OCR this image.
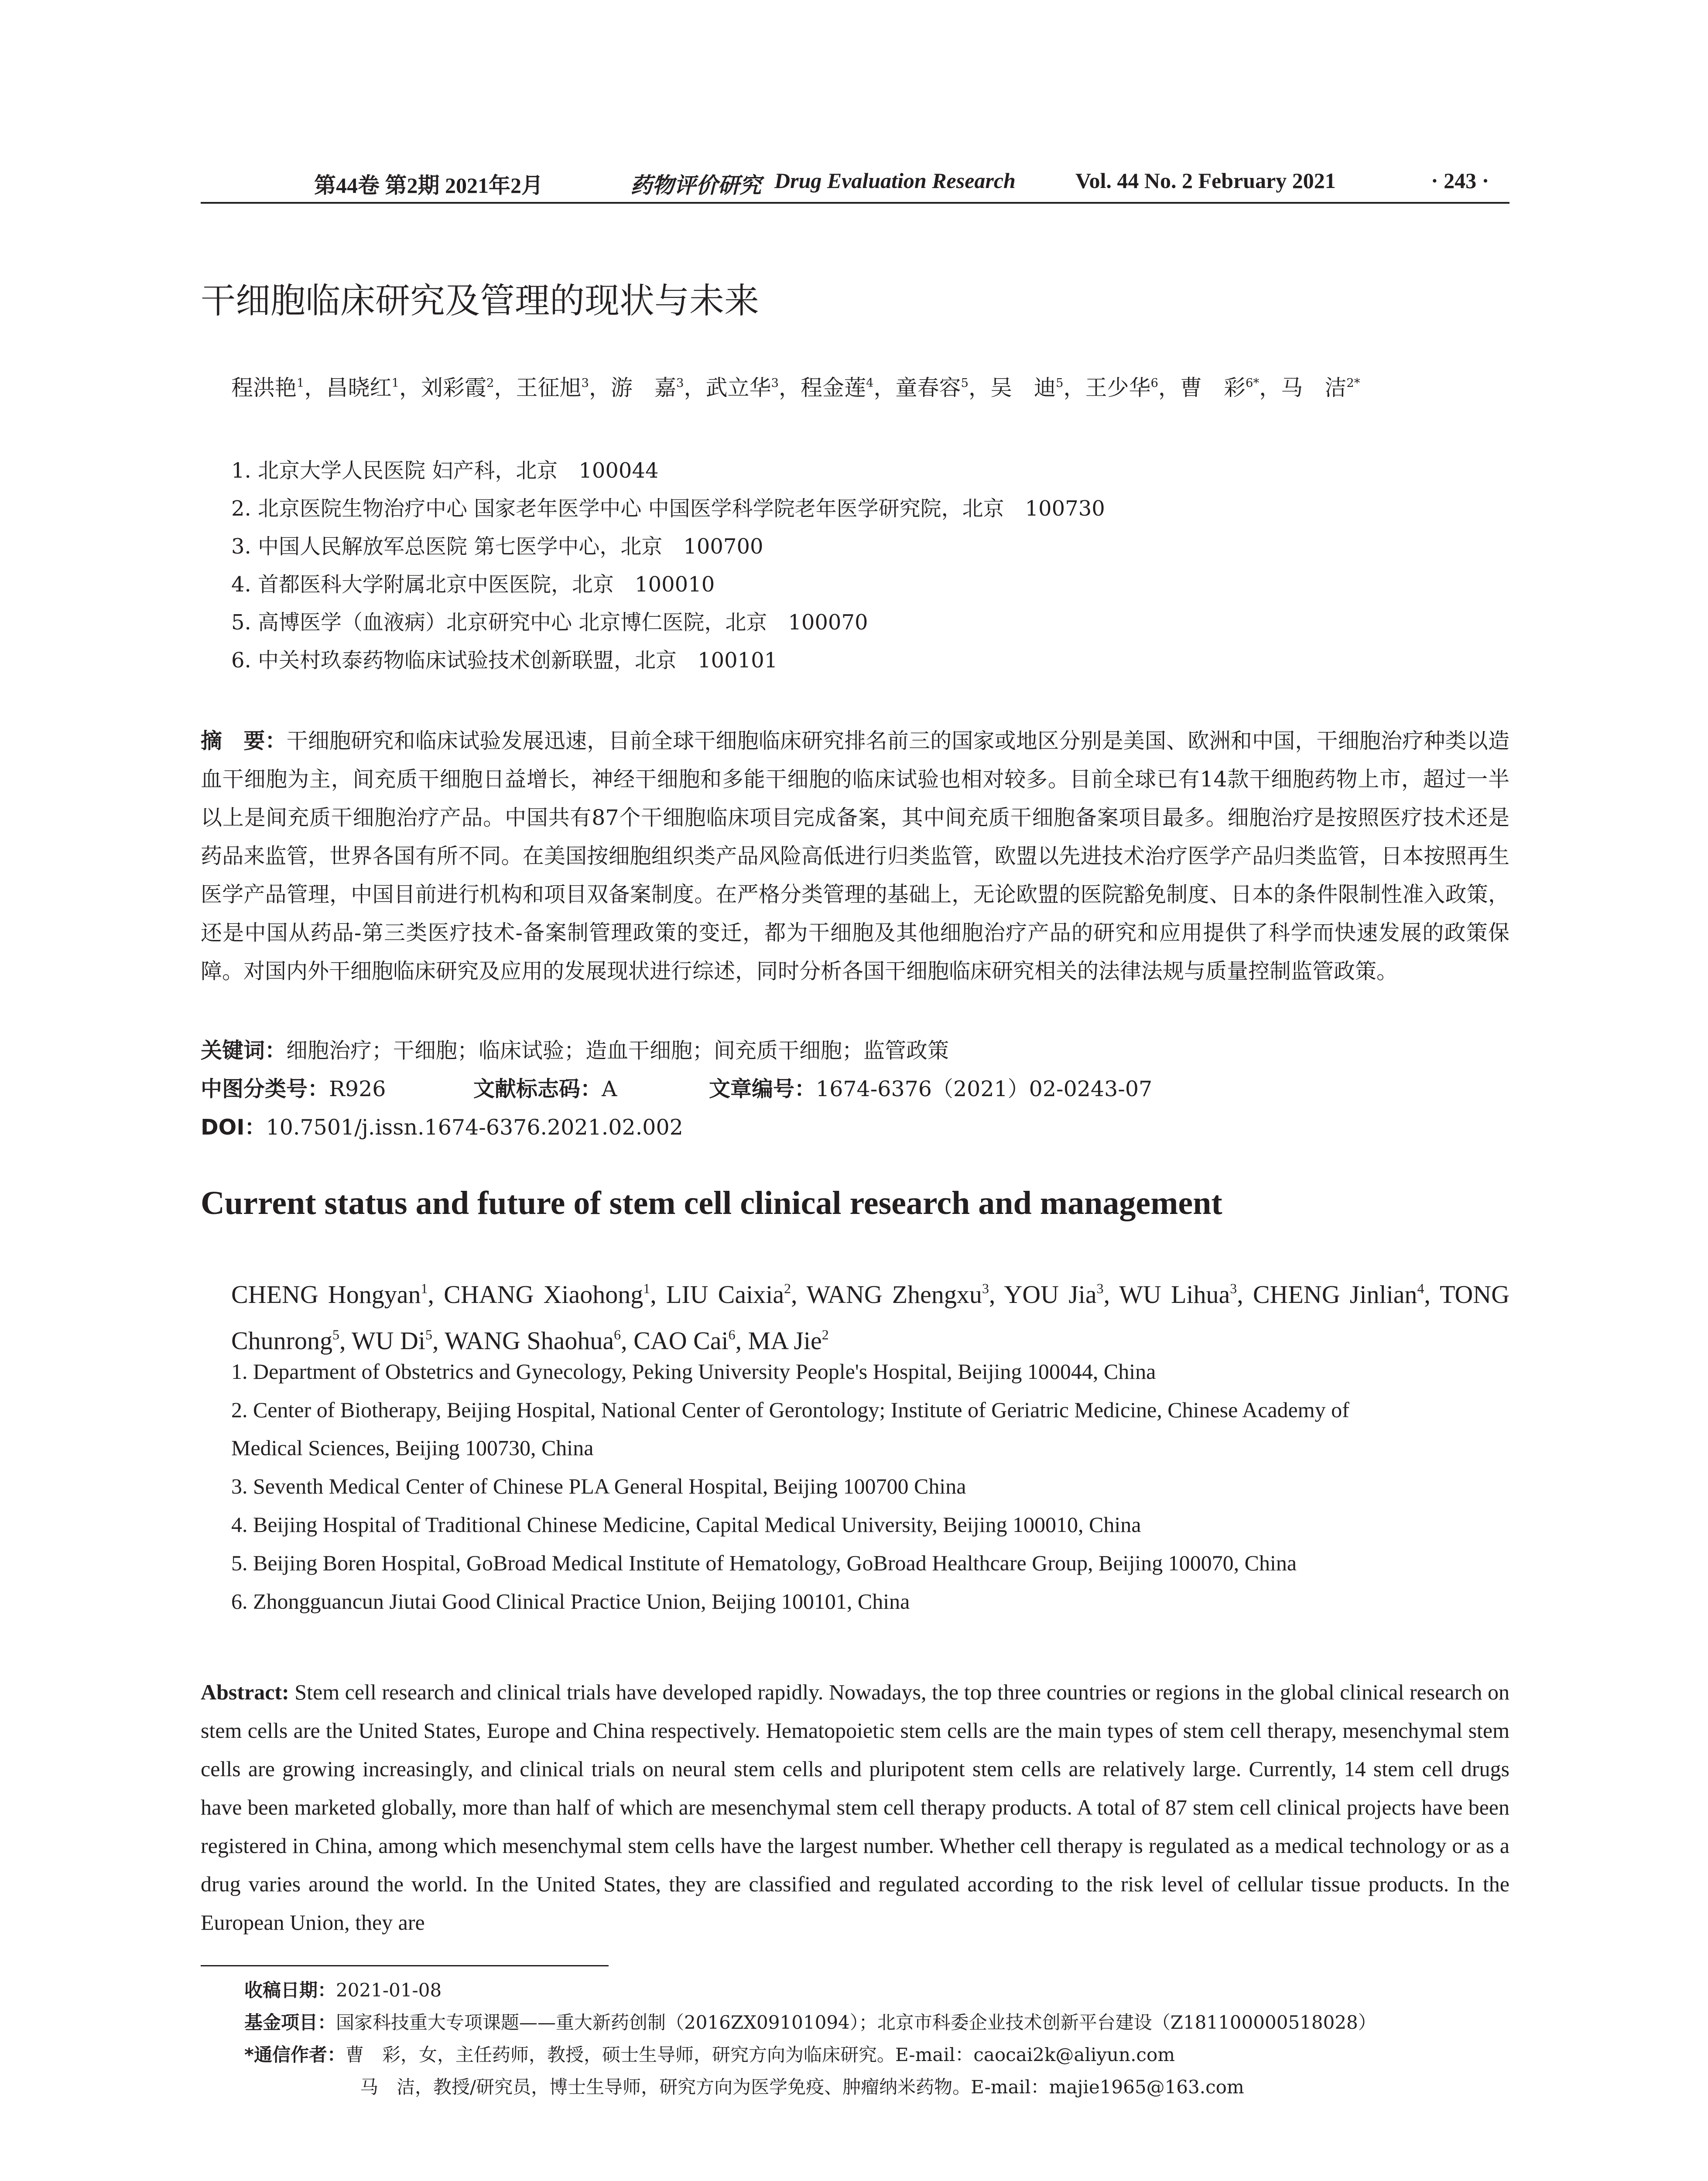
第44卷 第2期 2021年2月	药物评价研究 Drug Evaluation Research	Vol. 44 No. 2 February 2021	· 243 ·
干细胞临床研究及管理的现状与未来
程洪艳$^1$，昌晓红$^1$，刘彩霞$^2$，王征旭$^3$，游　嘉$^3$，武立华$^3$，程金莲$^4$，童春容$^5$，吴　迪$^5$，王少华$^6$，曹　彩$^{6*}$，马　洁$^{2*}$
1. 北京大学人民医院 妇产科，北京　100044
2. 北京医院生物治疗中心 国家老年医学中心 中国医学科学院老年医学研究院，北京　100730
3. 中国人民解放军总医院 第七医学中心，北京　100700
4. 首都医科大学附属北京中医医院，北京　100010
5. 高博医学（血液病）北京研究中心 北京博仁医院，北京　100070
6. 中关村玖泰药物临床试验技术创新联盟，北京　100101

摘　要：干细胞研究和临床试验发展迅速，目前全球干细胞临床研究排名前三的国家或地区分别是美国、欧洲和中国，干细胞治疗种类以造血干细胞为主，间充质干细胞日益增长，神经干细胞和多能干细胞的临床试验也相对较多。目前全球已有14款干细胞药物上市，超过一半以上是间充质干细胞治疗产品。中国共有87个干细胞临床项目完成备案，其中间充质干细胞备案项目最多。细胞治疗是按照医疗技术还是药品来监管，世界各国有所不同。在美国按细胞组织类产品风险高低进行归类监管，欧盟以先进技术治疗医学产品归类监管，日本按照再生医学产品管理，中国目前进行机构和项目双备案制度。在严格分类管理的基础上，无论欧盟的医院豁免制度、日本的条件限制性准入政策，还是中国从药品-第三类医疗技术-备案制管理政策的变迁，都为干细胞及其他细胞治疗产品的研究和应用提供了科学而快速发展的政策保障。对国内外干细胞临床研究及应用的发展现状进行综述，同时分析各国干细胞临床研究相关的法律法规与质量控制监管政策。

关键词：细胞治疗；干细胞；临床试验；造血干细胞；间充质干细胞；监管政策
中图分类号：R926	文献标志码：A	文章编号：1674-6376（2021）02-0243-07
DOI：10.7501/j.issn.1674-6376.2021.02.002
Current status and future of stem cell clinical research and management

CHENG Hongyan$^1$, CHANG Xiaohong$^1$, LIU Caixia$^2$, WANG Zhengxu$^3$, YOU Jia$^3$, WU Lihua$^3$, CHENG Jinlian$^4$, TONG Chunrong$^5$, WU Di$^5$, WANG Shaohua$^6$, CAO Cai$^6$, MA Jie$^2$

1. Department of Obstetrics and Gynecology, Peking University People's Hospital, Beijing 100044, China
2. Center of Biotherapy, Beijing Hospital, National Center of Gerontology; Institute of Geriatric Medicine, Chinese Academy of
Medical Sciences, Beijing 100730, China
3. Seventh Medical Center of Chinese PLA General Hospital, Beijing 100700 China
4. Beijing Hospital of Traditional Chinese Medicine, Capital Medical University, Beijing 100010, China
5. Beijing Boren Hospital, GoBroad Medical Institute of Hematology, GoBroad Healthcare Group, Beijing 100070, China
6. Zhongguancun Jiutai Good Clinical Practice Union, Beijing 100101, China

Abstract: Stem cell research and clinical trials have developed rapidly. Nowadays, the top three countries or regions in the global clinical research on stem cells are the United States, Europe and China respectively. Hematopoietic stem cells are the main types of stem cell therapy, mesenchymal stem cells are growing increasingly, and clinical trials on neural stem cells and pluripotent stem cells are relatively large. Currently, 14 stem cell drugs have been marketed globally, more than half of which are mesenchymal stem cell therapy products. A total of 87 stem cell clinical projects have been registered in China, among which mesenchymal stem cells have the largest number. Whether cell therapy is regulated as a medical technology or as a drug varies around the world. In the United States, they are classified and regulated according to the risk level of cellular tissue products. In the European Union, they are

收稿日期：2021-01-08
基金项目：国家科技重大专项课题——重大新药创制（2016ZX09101094）；北京市科委企业技术创新平台建设（Z181100000518028）
*通信作者：曹　彩，女，主任药师，教授，硕士生导师，研究方向为临床研究。E-mail：caocai2k@aliyun.com
马　洁，教授/研究员，博士生导师，研究方向为医学免疫、肿瘤纳米药物。E-mail：majie1965@163.com
